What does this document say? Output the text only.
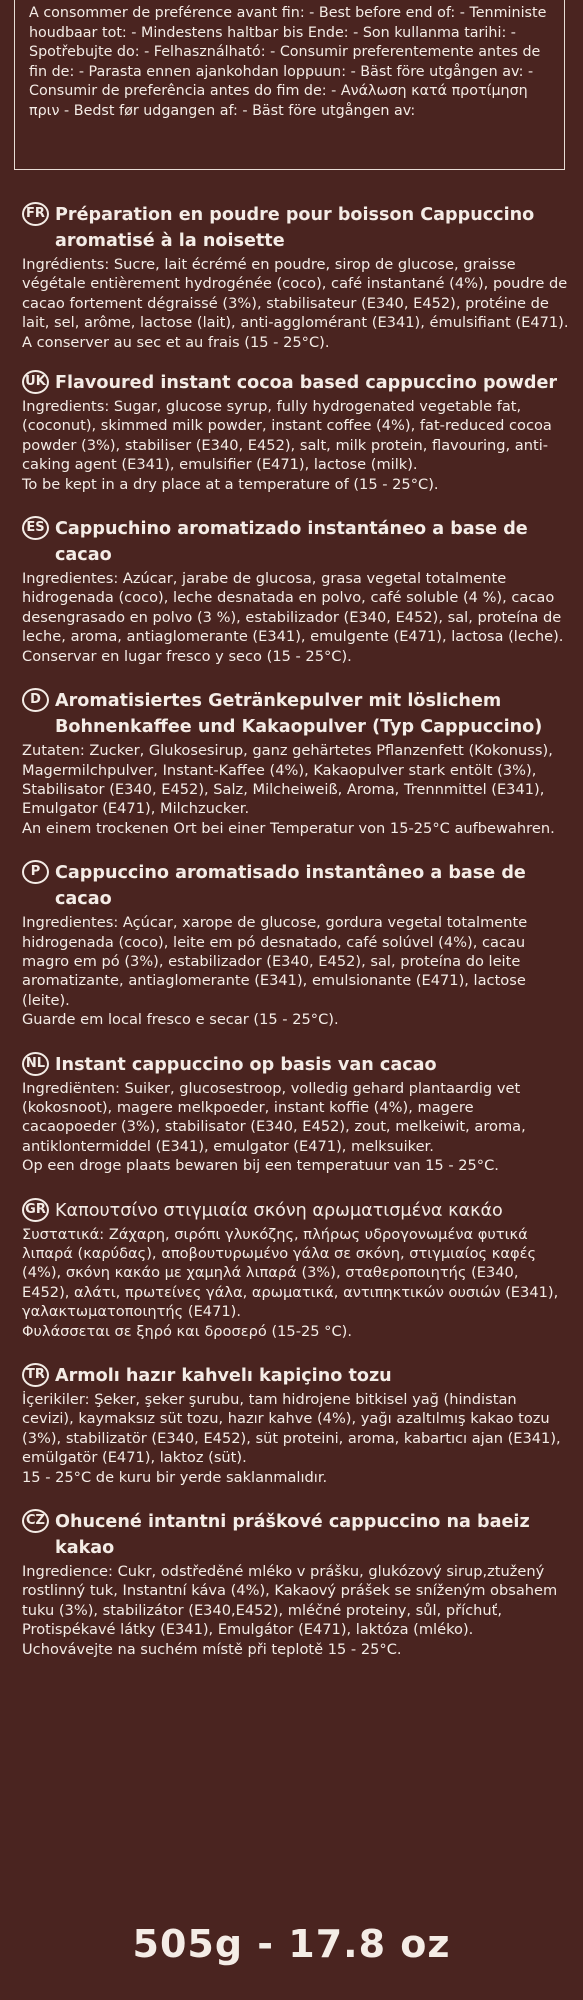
A consommer de preférence avant fin: - Best before end of: - Tenministe houdbaar tot: - Mindestens haltbar bis Ende: - Son kullanma tarihi: - Spotřebujte do: - Felhasználható: - Consumir preferentemente antes de fin de: - Parasta ennen ajankohdan loppuun: - Bäst före utgången av: - Consumir de preferência antes do fim de: - Ανάλωση κατά προτίμηση πριν - Bedst før udgangen af: - Bäst före utgången av:
FR Préparation en poudre pour boisson Cappuccino aromatisé à la noisette

Ingrédients: Sucre, lait écrémé en poudre, sirop de glucose, graisse végétale entièrement hydrogénée (coco), café instantané (4%), poudre de cacao fortement dégraissé (3%), stabilisateur (E340, E452), protéine de lait, sel, arôme, lactose (lait), anti-agglomérant (E341), émulsifiant (E471).

A conserver au sec et au frais (15 - 25°C).

UK Flavoured instant cocoa based cappuccino powder

Ingredients: Sugar, glucose syrup, fully hydrogenated vegetable fat,(coconut), skimmed milk powder, instant coffee (4%), fat-reduced cocoa powder (3%), stabiliser (E340, E452), salt, milk protein, flavouring, anti-caking agent (E341), emulsifier (E471), lactose (milk).

To be kept in a dry place at a temperature of (15 - 25°C).

ES Cappuchino aromatizado instantáneo a base de cacao

Ingredientes: Azúcar, jarabe de glucosa, grasa vegetal totalmente hidrogenada (coco), leche desnatada en polvo, café soluble (4 %), cacao desengrasado en polvo (3 %), estabilizador (E340, E452), sal, proteína de leche, aroma, antiaglomerante (E341), emulgente (E471), lactosa (leche).

Conservar en lugar fresco y seco (15 - 25°C).

D Aromatisiertes Getränkepulver mit löslichem Bohnenkaffee und Kakaopulver (Typ Cappuccino)

Zutaten: Zucker, Glukosesirup, ganz gehärtetes Pflanzenfett (Kokonuss), Magermilchpulver, Instant-Kaffee (4%), Kakaopulver stark entölt (3%), Stabilisator (E340, E452), Salz, Milcheiweiß, Aroma, Trennmittel (E341), Emulgator (E471), Milchzucker.

An einem trockenen Ort bei einer Temperatur von 15-25°C aufbewahren.

P Cappuccino aromatisado instantâneo a base de cacao

Ingredientes: Açúcar, xarope de glucose, gordura vegetal totalmente hidrogenada (coco), leite em pó desnatado, café solúvel (4%), cacau magro em pó (3%), estabilizador (E340, E452), sal, proteína do leite aromatizante, antiaglomerante (E341), emulsionante (E471), lactose (leite).

Guarde em local fresco e secar (15 - 25°C).

NL Instant cappuccino op basis van cacao

Ingrediënten: Suiker, glucosestroop, volledig gehard plantaardig vet (kokosnoot), magere melkpoeder, instant koffie (4%), magere cacaopoeder (3%), stabilisator (E340, E452), zout, melkeiwit, aroma, antiklontermiddel (E341), emulgator (E471), melksuiker.

Op een droge plaats bewaren bij een temperatuur van 15 - 25°C.

GR Καπουτσίνο στιγμιαία σκόνη αρωματισμένα κακάο

Συστατικά: Ζάχαρη, σιρόπι γλυκόζης, πλήρως υδρογονωμένα φυτικά λιπαρά (καρύδας), αποβουτυρωμένο γάλα σε σκόνη, στιγμιαίος καφές (4%), σκόνη κακάο με χαμηλά λιπαρά (3%), σταθεροποιητής (E340, E452), αλάτι, πρωτείνες γάλα, αρωματικά, αντιπηκτικών ουσιών (E341), γαλακτωματοποιητής (E471).

Φυλάσσεται σε ξηρό και δροσερό (15-25 °C).

TR Armolı hazır kahvelı kapiçino tozu

İçerikiler: Şeker, şeker şurubu, tam hidrojene bitkisel yağ (hindistan cevizi), kaymaksız süt tozu, hazır kahve (4%), yağı azaltılmış kakao tozu (3%), stabilizatör (E340, E452), süt proteini, aroma, kabartıcı ajan (E341), emülgatör (E471), laktoz (süt).

15 - 25°C de kuru bir yerde saklanmalıdır.

CZ Ohucené intantni práškové cappuccino na baeiz kakao

Ingredience: Cukr, odstředěné mléko v prášku, glukózový sirup,ztužený rostlinný tuk, Instantní káva (4%), Kakaový prášek se sníženým obsahem tuku (3%), stabilizátor (E340,E452), mléčné proteiny, sůl, příchuť, Protispékavé látky (E341), Emulgátor (E471), laktóza (mléko).

Uchovávejte na suchém místě při teplotě 15 - 25°C.

505g - 17.8 oz
